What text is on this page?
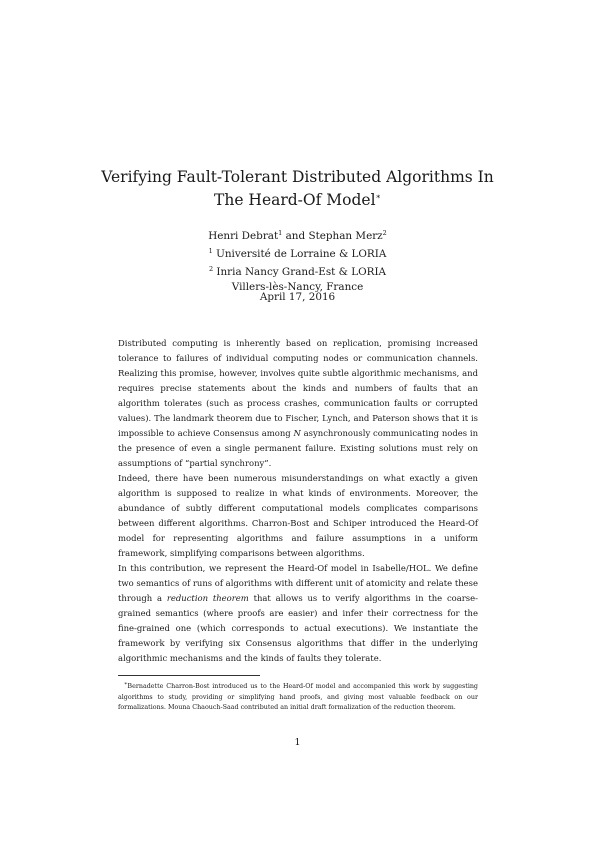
Verifying Fault-Tolerant Distributed Algorithms In The Heard-Of Model∗
Henri Debrat$^1$ and Stephan Merz$^2$
$^1$ Université de Lorraine & LORIA
$^2$ Inria Nancy Grand-Est & LORIA
Villers-lès-Nancy, France
April 17, 2016

Distributed computing is inherently based on replication, promising increased tolerance to failures of individual computing nodes or communication channels. Realizing this promise, however, involves quite subtle algorithmic mechanisms, and requires precise statements about the kinds and numbers of faults that an algorithm tolerates (such as process crashes, communication faults or corrupted values). The landmark theorem due to Fischer, Lynch, and Paterson shows that it is impossible to achieve Consensus among N asynchronously communicating nodes in the presence of even a single permanent failure. Existing solutions must rely on assumptions of “partial synchrony”.

Indeed, there have been numerous misunderstandings on what exactly a given algorithm is supposed to realize in what kinds of environments. Moreover, the abundance of subtly different computational models complicates comparisons between different algorithms. Charron-Bost and Schiper introduced the Heard-Of model for representing algorithms and failure assumptions in a uniform framework, simplifying comparisons between algorithms.

In this contribution, we represent the Heard-Of model in Isabelle/HOL. We define two semantics of runs of algorithms with different unit of atomicity and relate these through a reduction theorem that allows us to verify algorithms in the coarse-grained semantics (where proofs are easier) and infer their correctness for the fine-grained one (which corresponds to actual executions). We instantiate the framework by verifying six Consensus algorithms that differ in the underlying algorithmic mechanisms and the kinds of faults they tolerate.

∗Bernadette Charron-Bost introduced us to the Heard-Of model and accompanied this work by suggesting algorithms to study, providing or simplifying hand proofs, and giving most valuable feedback on our formalizations. Mouna Chaouch-Saad contributed an initial draft formalization of the reduction theorem.
1
